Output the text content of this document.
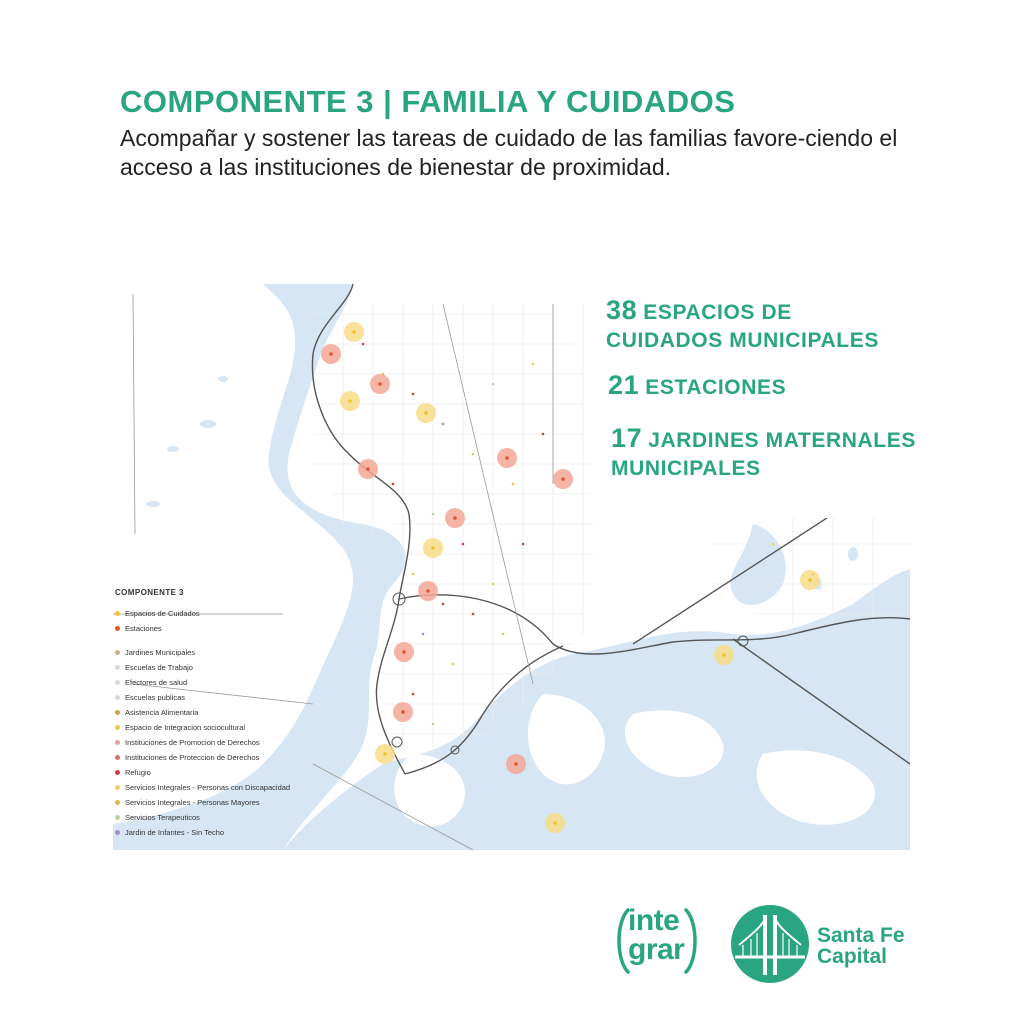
COMPONENTE 3 | FAMILIA Y CUIDADOS
Acompañar y sostener las tareas de cuidado de las familias favore-ciendo el acceso a las instituciones de bienestar de proximidad.
38 ESPACIOS DE
CUIDADOS MUNICIPALES
21 ESTACIONES
17 JARDINES MATERNALES
MUNICIPALES
COMPONENTE 3
Espacios de Cuidados
Estaciones
Jardines Municipales
Escuelas de Trabajo
Efectores de salud
Escuelas publicas
Asistencia Alimentaria
Espacio de Integracion sociocultural
Instituciones de Promocion de Derechos
Instituciones de Proteccion de Derechos
Refugio
Servicios Integrales - Personas con Discapacidad
Servicios Integrales - Personas Mayores
Servicios Terapeuticos
Jardin de Infantes - Sin Techo
inte
grar	Santa Fe
Capital
